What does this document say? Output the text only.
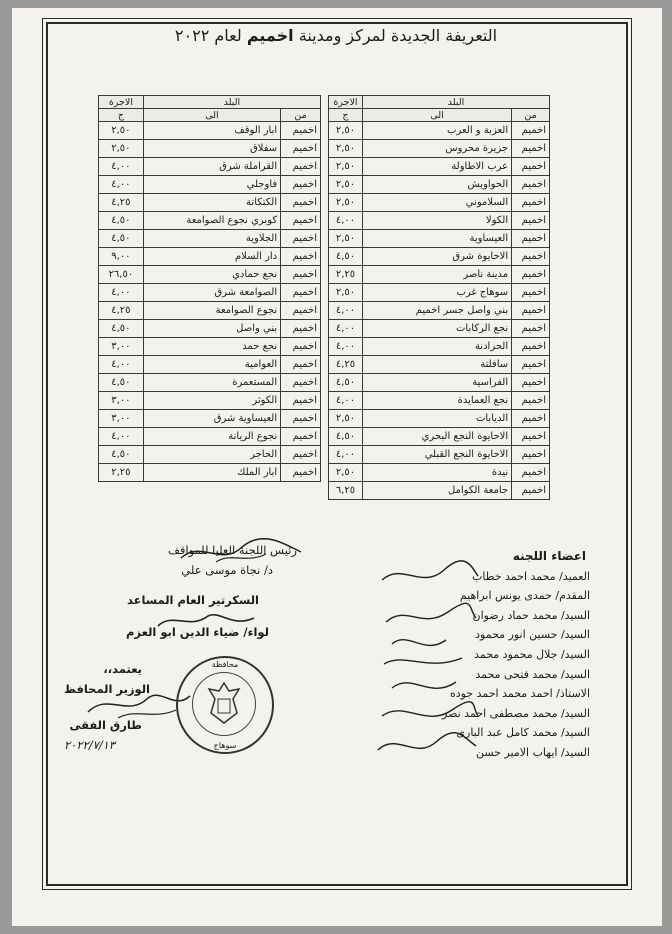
التعريفة الجديدة لمركز ومدينة اخميم لعام ٢٠٢٢
البلد		الاجرة
من	الى	ج
اخميم	العزبة و العرب	٢,٥٠
اخميم	جزيرة محروس	٢,٥٠
اخميم	عرب الاطاولة	٢,٥٠
اخميم	الحواويش	٢,٥٠
اخميم	السلاموني	٢,٥٠
اخميم	الكولا	٤,٠٠
اخميم	العيساوية	٢,٥٠
اخميم	الاحايوة شرق	٤,٥٠
اخميم	مدينة ناصر	٢,٢٥
اخميم	سوهاج غرب	٢,٥٠
اخميم	بني واصل جسر اخميم	٤,٠٠
اخميم	نجع الركابات	٤,٠٠
اخميم	الحرادنة	٤,٠٠
اخميم	سافلتة	٤,٢٥
اخميم	الفراسية	٤,٥٠
اخميم	نجع العمايدة	٤,٠٠
اخميم	الديابات	٢,٥٠
اخميم	الاحايوة النجع البحري	٤,٥٠
اخميم	الاحايوة النجع القبلي	٤,٠٠
اخميم	نيدة	٢,٥٠
اخميم	جامعة الكوامل	٦,٢٥
البلد		الاجرة
من	الى	ج
اخميم	ابار الوقف	٢,٥٠
اخميم	سفلاق	٢,٥٠
اخميم	القراملة شرق	٤,٠٠
اخميم	فاوجلي	٤,٠٠
اخميم	الكتكاتة	٤,٢٥
اخميم	كوبري نجوع الصوامعة	٤,٥٠
اخميم	الجلاوية	٤,٥٠
اخميم	دار السلام	٩,٠٠
اخميم	نجع حمادي	٢٦,٥٠
اخميم	الصوامعة شرق	٤,٠٠
اخميم	نجوع الصوامعة	٤,٢٥
اخميم	بني واصل	٤,٥٠
اخميم	نجع حمد	٣,٠٠
اخميم	العوامية	٤,٠٠
اخميم	المستعمرة	٤,٥٠
اخميم	الكوثر	٣,٠٠
اخميم	العيساوية شرق	٣,٠٠
اخميم	نجوع الريانة	٤,٠٠
اخميم	الحاجر	٤,٥٠
اخميم	ابار الملك	٢,٢٥
رئيس اللجنة العليا للمواقف
د/ نجاة موسى علي
السكرتير العام المساعد
لواء/ ضياء الدين ابو العزم
يعتمد،،
الوزير المحافظ
طارق الفقى
٢٠٢٢/٧/١٣
محافظة
سوهاج
اعضاء اللجنه
العميد/ محمد احمد خطاب
المقدم/ حمدى يونس ابراهيم
السيد/ محمد حماد رضوان
السيد/ حسين انور محمود
السيد/ جلال محمود محمد
السيد/ محمد فتحى محمد
الاستاذ/ احمد محمد احمد جوده
السيد/ محمد مصطفى احمد نصر
السيد/ محمد كامل عبد البارى
السيد/ ايهاب الامير حسن
